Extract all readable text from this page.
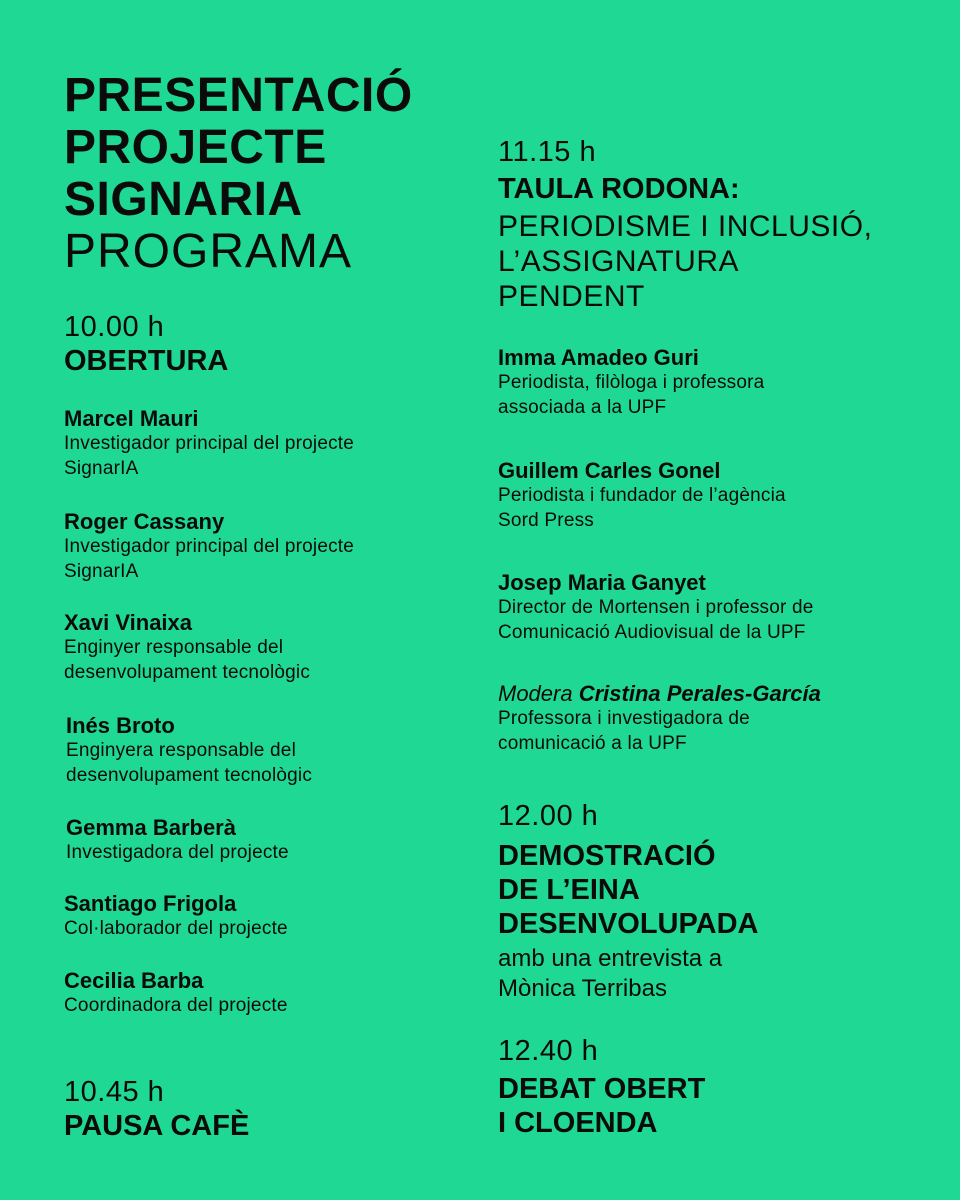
PRESENTACIÓ
PROJECTE
SIGNARIA
PROGRAMA
10.00 h
OBERTURA
Marcel Mauri
Investigador principal del projecte
SignarIA
Roger Cassany
Investigador principal del projecte
SignarIA
Xavi Vinaixa
Enginyer responsable del
desenvolupament tecnològic
Inés Broto
Enginyera responsable del
desenvolupament tecnològic
Gemma Barberà
Investigadora del projecte
Santiago Frigola
Col·laborador del projecte
Cecilia Barba
Coordinadora del projecte
10.45 h
PAUSA CAFÈ
11.15 h
TAULA RODONA:
PERIODISME I INCLUSIÓ,
L’ASSIGNATURA
PENDENT
Imma Amadeo Guri
Periodista, filòloga i professora
associada a la UPF
Guillem Carles Gonel
Periodista i fundador de l’agència
Sord Press
Josep Maria Ganyet
Director de Mortensen i professor de
Comunicació Audiovisual de la UPF
Modera Cristina Perales-García
Professora i investigadora de
comunicació a la UPF
12.00 h
DEMOSTRACIÓ
DE L’EINA
DESENVOLUPADA
amb una entrevista a
Mònica Terribas
12.40 h
DEBAT OBERT
I CLOENDA
